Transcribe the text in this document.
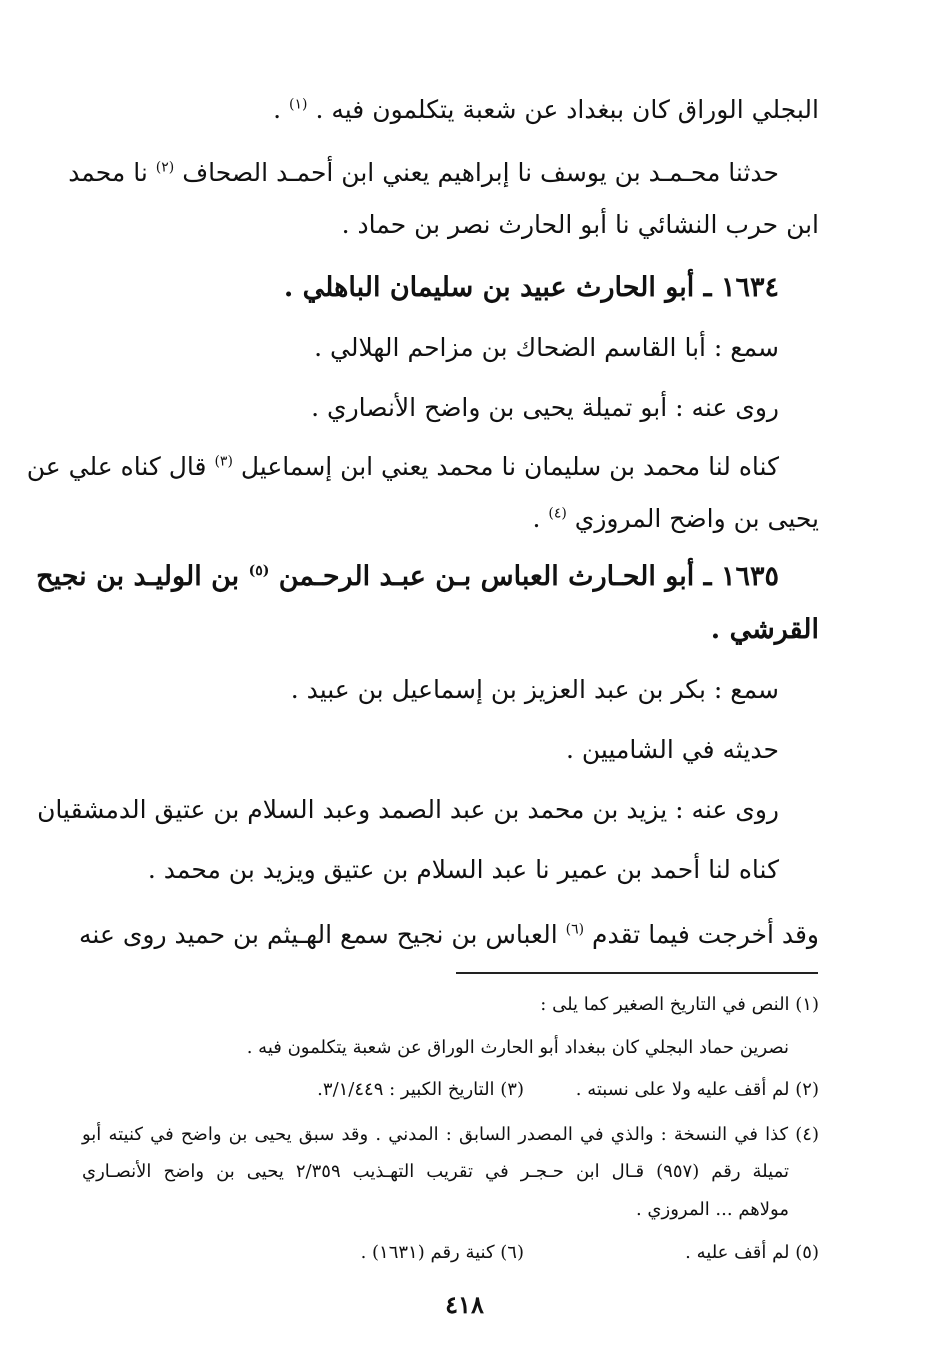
البجلي الوراق كان ببغداد عن شعبة يتكلمون فيه . $^{(١)}$ .
حدثنا محـمـد بن يوسف نا إبراهيم يعني ابن أحمـد الصحاف $^{(٢)}$ نا محمد
ابن حرب النشائي نا أبو الحارث نصر بن حماد .
١٦٣٤ ـ أبو الحارث عبيد بن سليمان الباهلي .
سمع : أبا القاسم الضحاك بن مزاحم الهلالي .
روى عنه : أبو تميلة يحيى بن واضح الأنصاري .
كناه لنا محمد بن سليمان نا محمد يعني ابن إسماعيل $^{(٣)}$ قال كناه علي عن
يحيى بن واضح المروزي $^{(٤)}$ .
١٦٣٥ ـ أبو الحـارث العباس بـن عبـد الرحـمن $^{(٥)}$ بن الوليـد بن نجيح
القرشي .
سمع : بكر بن عبد العزيز بن إسماعيل بن عبيد .
حديثه في الشاميين .
روى عنه : يزيد بن محمد بن عبد الصمد وعبد السلام بن عتيق الدمشقيان
كناه لنا أحمد بن عمير نا عبد السلام بن عتيق ويزيد بن محمد .
وقد أخرجت فيما تقدم $^{(٦)}$ العباس بن نجيح سمع الهـيثم بن حميد روى عنه
(١) النص في التاريخ الصغير كما يلى :
نصرين حماد البجلي كان ببغداد أبو الحارث الوراق عن شعبة يتكلمون فيه .
(٢) لم أقف عليه ولا على نسبته .
(٣) التاريخ الكبير : ٣/١/٤٤٩.
(٤) كذا في النسخة : والذي في المصدر السابق : المدني . وقد سبق يحيى بن واضح في كنيته أبو
تميلة رقم (٩٥٧) قـال ابن حـجـر في تقريب التهـذيب ٢/٣٥٩ يحيى بن واضح الأنصـاري
مولاهم ... المروزي .
(٥) لم أقف عليه .
(٦) كنية رقم (١٦٣١) .
٤١٨
